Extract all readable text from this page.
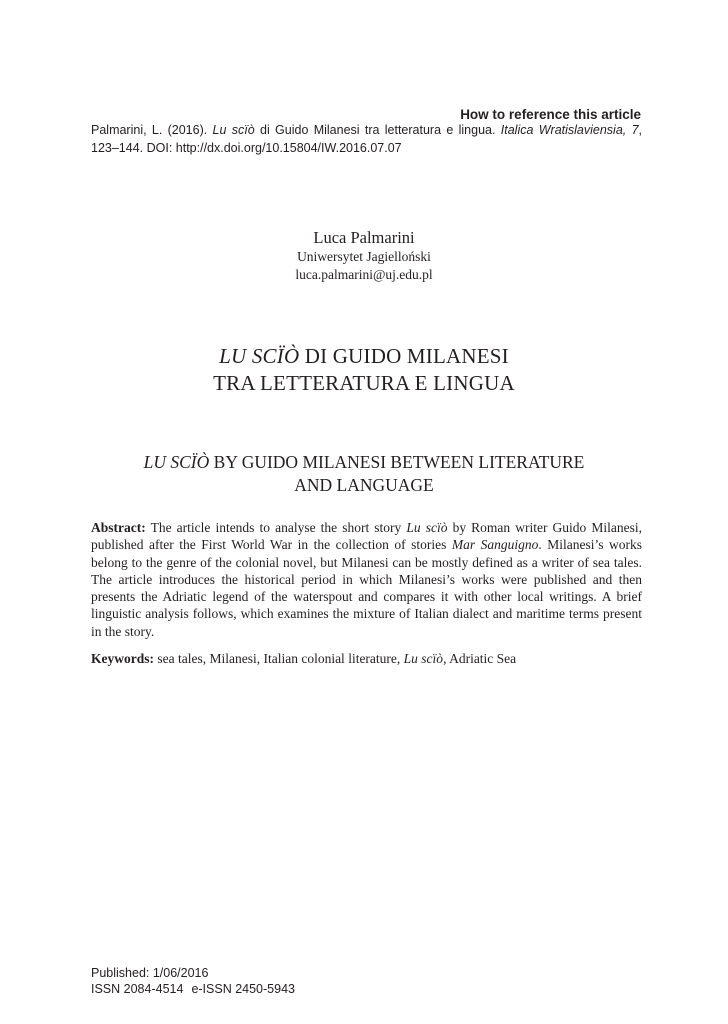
How to reference this article
Palmarini, L. (2016). Lu scïò di Guido Milanesi tra letteratura e lingua. Italica Wratislaviensia, 7, 123–144. DOI: http://dx.doi.org/10.15804/IW.2016.07.07
Luca Palmarini
Uniwersytet Jagielloński
luca.palmarini@uj.edu.pl
LU SCÏÒ DI GUIDO MILANESI
TRA LETTERATURA E LINGUA
LU SCÏÒ BY GUIDO MILANESI BETWEEN LITERATURE
AND LANGUAGE

Abstract: The article intends to analyse the short story Lu scïò by Roman writer Guido Milanesi, published after the First World War in the collection of stories Mar Sanguigno. Milanesi’s works belong to the genre of the colonial novel, but Milanesi can be mostly defined as a writer of sea tales. The article introduces the historical period in which Milanesi’s works were published and then presents the Adriatic legend of the waterspout and compares it with other local writings. A brief linguistic analysis follows, which examines the mixture of Italian dialect and maritime terms present in the story.

Keywords: sea tales, Milanesi, Italian colonial literature, Lu scïò, Adriatic Sea

Published: 1/06/2016
ISSN 2084-4514 e-ISSN 2450-5943
